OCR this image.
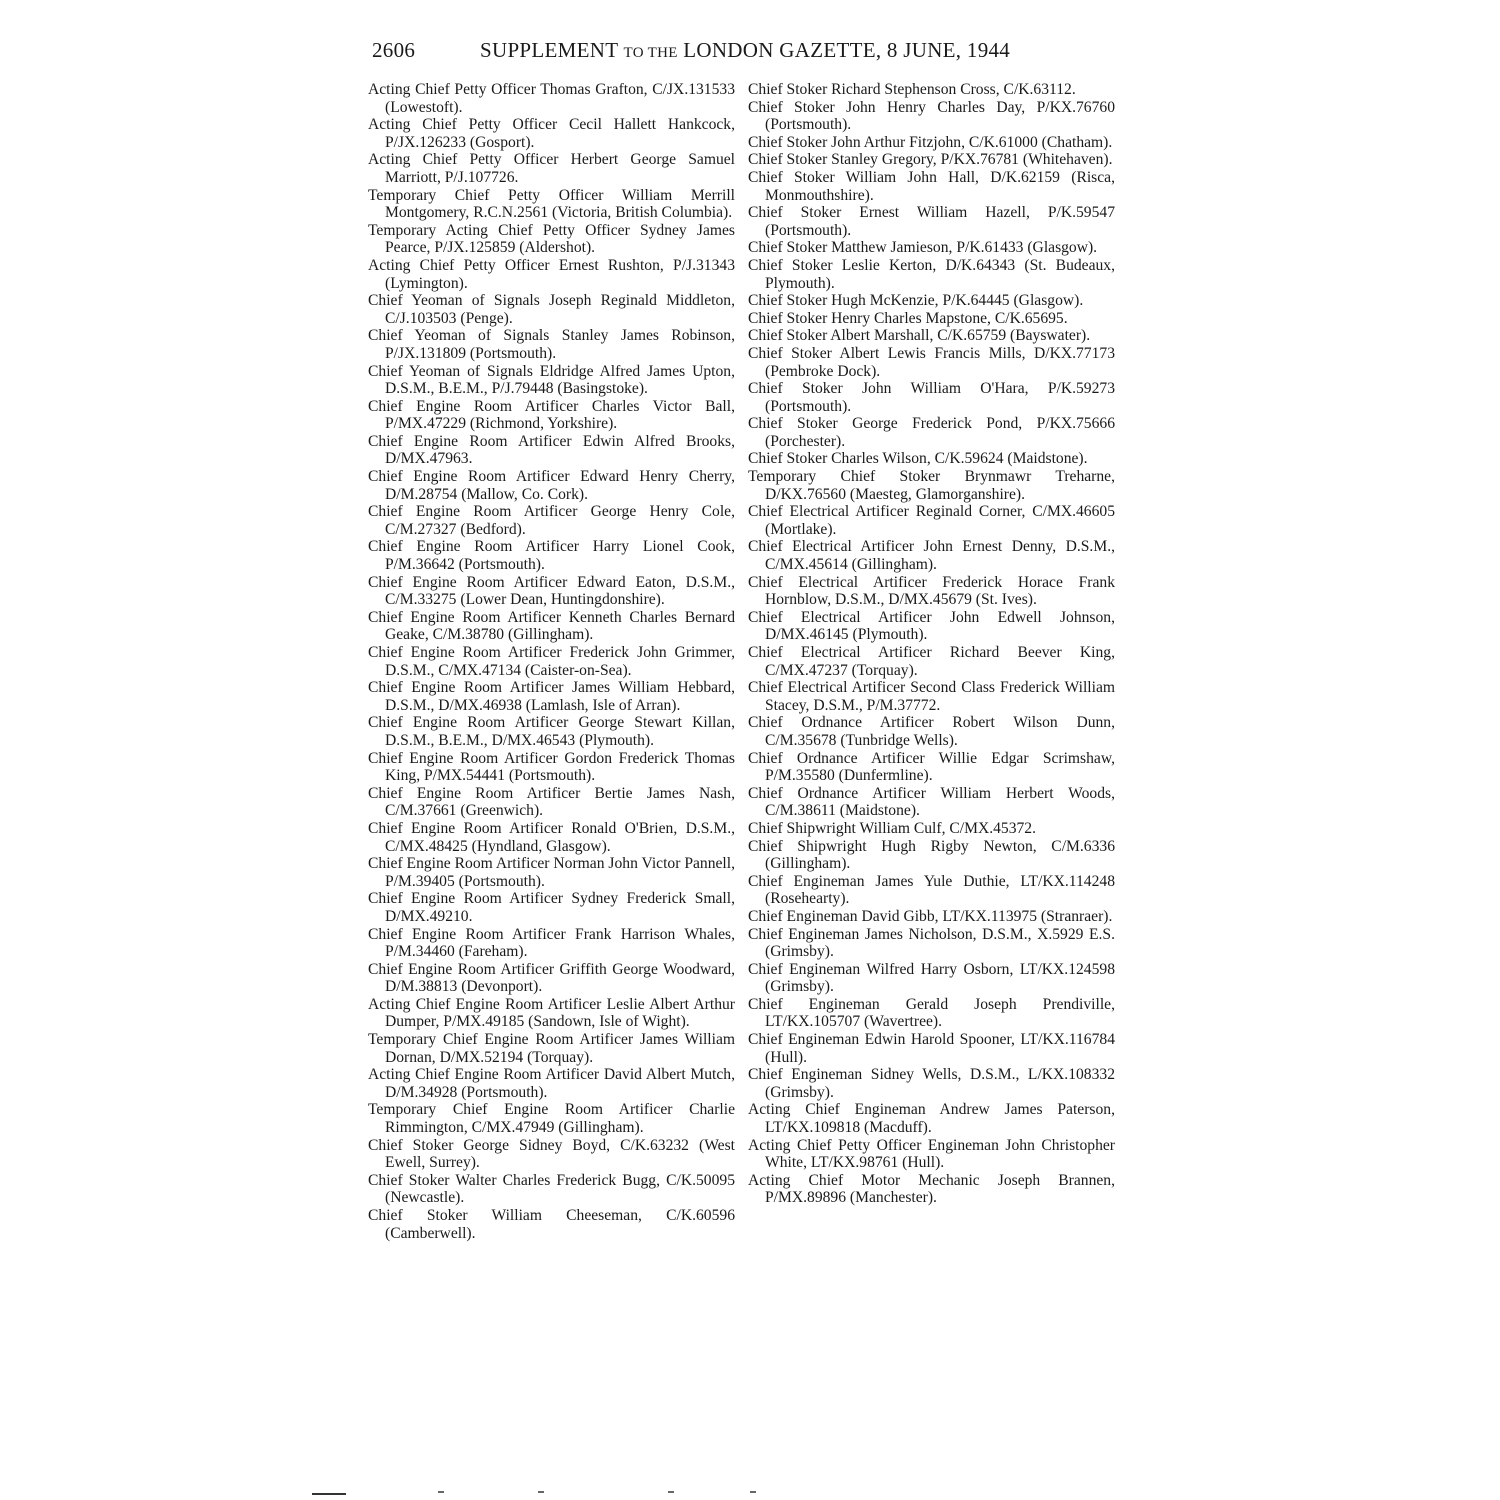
2606	SUPPLEMENT TO THE LONDON GAZETTE, 8 JUNE, 1944

Acting Chief Petty Officer Thomas Grafton, C/JX.131533 (Lowestoft).

Acting Chief Petty Officer Cecil Hallett Hankcock, P/JX.126233 (Gosport).

Acting Chief Petty Officer Herbert George Samuel Marriott, P/J.107726.

Temporary Chief Petty Officer William Merrill Montgomery, R.C.N.2561 (Victoria, British Columbia).

Temporary Acting Chief Petty Officer Sydney James Pearce, P/JX.125859 (Aldershot).

Acting Chief Petty Officer Ernest Rushton, P/J.31343 (Lymington).

Chief Yeoman of Signals Joseph Reginald Middleton, C/J.103503 (Penge).

Chief Yeoman of Signals Stanley James Robinson, P/JX.131809 (Portsmouth).

Chief Yeoman of Signals Eldridge Alfred James Upton, D.S.M., B.E.M., P/J.79448 (Basingstoke).

Chief Engine Room Artificer Charles Victor Ball, P/MX.47229 (Richmond, Yorkshire).

Chief Engine Room Artificer Edwin Alfred Brooks, D/MX.47963.

Chief Engine Room Artificer Edward Henry Cherry, D/M.28754 (Mallow, Co. Cork).

Chief Engine Room Artificer George Henry Cole, C/M.27327 (Bedford).

Chief Engine Room Artificer Harry Lionel Cook, P/M.36642 (Portsmouth).

Chief Engine Room Artificer Edward Eaton, D.S.M., C/M.33275 (Lower Dean, Huntingdonshire).

Chief Engine Room Artificer Kenneth Charles Bernard Geake, C/M.38780 (Gillingham).

Chief Engine Room Artificer Frederick John Grimmer, D.S.M., C/MX.47134 (Caister-on-Sea).

Chief Engine Room Artificer James William Hebbard, D.S.M., D/MX.46938 (Lamlash, Isle of Arran).

Chief Engine Room Artificer George Stewart Killan, D.S.M., B.E.M., D/MX.46543 (Plymouth).

Chief Engine Room Artificer Gordon Frederick Thomas King, P/MX.54441 (Portsmouth).

Chief Engine Room Artificer Bertie James Nash, C/M.37661 (Greenwich).

Chief Engine Room Artificer Ronald O'Brien, D.S.M., C/MX.48425 (Hyndland, Glasgow).

Chief Engine Room Artificer Norman John Victor Pannell, P/M.39405 (Portsmouth).

Chief Engine Room Artificer Sydney Frederick Small, D/MX.49210.

Chief Engine Room Artificer Frank Harrison Whales, P/M.34460 (Fareham).

Chief Engine Room Artificer Griffith George Woodward, D/M.38813 (Devonport).

Acting Chief Engine Room Artificer Leslie Albert Arthur Dumper, P/MX.49185 (Sandown, Isle of Wight).

Temporary Chief Engine Room Artificer James William Dornan, D/MX.52194 (Torquay).

Acting Chief Engine Room Artificer David Albert Mutch, D/M.34928 (Portsmouth).

Temporary Chief Engine Room Artificer Charlie Rimmington, C/MX.47949 (Gillingham).

Chief Stoker George Sidney Boyd, C/K.63232 (West Ewell, Surrey).

Chief Stoker Walter Charles Frederick Bugg, C/K.50095 (Newcastle).

Chief Stoker William Cheeseman, C/K.60596 (Camberwell).

Chief Stoker Richard Stephenson Cross, C/K.63112.

Chief Stoker John Henry Charles Day, P/KX.76760 (Portsmouth).

Chief Stoker John Arthur Fitzjohn, C/K.61000 (Chatham).

Chief Stoker Stanley Gregory, P/KX.76781 (Whitehaven).

Chief Stoker William John Hall, D/K.62159 (Risca, Monmouthshire).

Chief Stoker Ernest William Hazell, P/K.59547 (Portsmouth).

Chief Stoker Matthew Jamieson, P/K.61433 (Glasgow).

Chief Stoker Leslie Kerton, D/K.64343 (St. Budeaux, Plymouth).

Chief Stoker Hugh McKenzie, P/K.64445 (Glasgow).

Chief Stoker Henry Charles Mapstone, C/K.65695.

Chief Stoker Albert Marshall, C/K.65759 (Bayswater).

Chief Stoker Albert Lewis Francis Mills, D/KX.77173 (Pembroke Dock).

Chief Stoker John William O'Hara, P/K.59273 (Portsmouth).

Chief Stoker George Frederick Pond, P/KX.75666 (Porchester).

Chief Stoker Charles Wilson, C/K.59624 (Maidstone).

Temporary Chief Stoker Brynmawr Treharne, D/KX.76560 (Maesteg, Glamorganshire).

Chief Electrical Artificer Reginald Corner, C/MX.46605 (Mortlake).

Chief Electrical Artificer John Ernest Denny, D.S.M., C/MX.45614 (Gillingham).

Chief Electrical Artificer Frederick Horace Frank Hornblow, D.S.M., D/MX.45679 (St. Ives).

Chief Electrical Artificer John Edwell Johnson, D/MX.46145 (Plymouth).

Chief Electrical Artificer Richard Beever King, C/MX.47237 (Torquay).

Chief Electrical Artificer Second Class Frederick William Stacey, D.S.M., P/M.37772.

Chief Ordnance Artificer Robert Wilson Dunn, C/M.35678 (Tunbridge Wells).

Chief Ordnance Artificer Willie Edgar Scrimshaw, P/M.35580 (Dunfermline).

Chief Ordnance Artificer William Herbert Woods, C/M.38611 (Maidstone).

Chief Shipwright William Culf, C/MX.45372.

Chief Shipwright Hugh Rigby Newton, C/M.6336 (Gillingham).

Chief Engineman James Yule Duthie, LT/KX.114248 (Rosehearty).

Chief Engineman David Gibb, LT/KX.113975 (Stranraer).

Chief Engineman James Nicholson, D.S.M., X.5929 E.S. (Grimsby).

Chief Engineman Wilfred Harry Osborn, LT/KX.124598 (Grimsby).

Chief Engineman Gerald Joseph Prendiville, LT/KX.105707 (Wavertree).

Chief Engineman Edwin Harold Spooner, LT/KX.116784 (Hull).

Chief Engineman Sidney Wells, D.S.M., L/KX.108332 (Grimsby).

Acting Chief Engineman Andrew James Paterson, LT/KX.109818 (Macduff).

Acting Chief Petty Officer Engineman John Christopher White, LT/KX.98761 (Hull).

Acting Chief Motor Mechanic Joseph Brannen, P/MX.89896 (Manchester).
